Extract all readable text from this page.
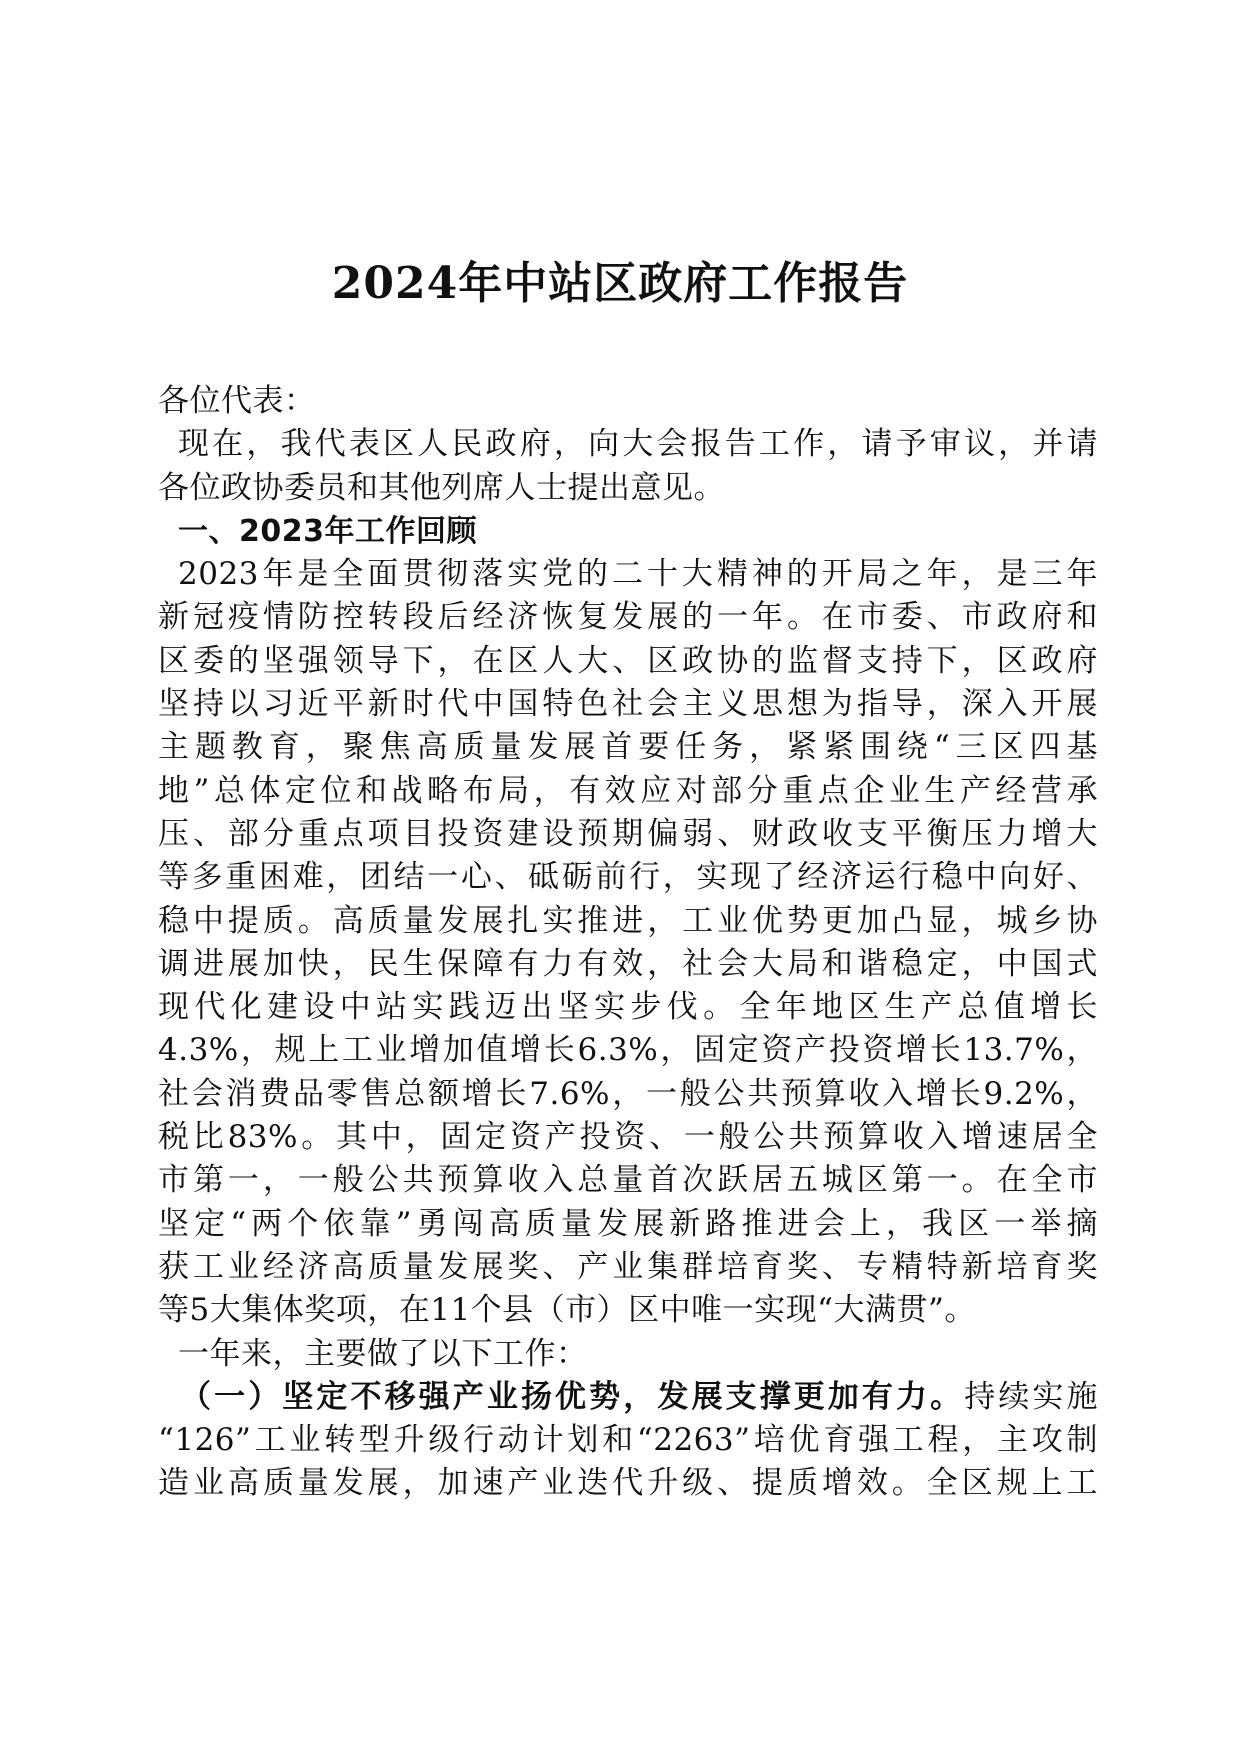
2024年中站区政府工作报告
各位代表：
现在，我代表区人民政府，向大会报告工作，请予审议，并请
各位政协委员和其他列席人士提出意见。
一、2023年工作回顾
2023年是全面贯彻落实党的二十大精神的开局之年，是三年
新冠疫情防控转段后经济恢复发展的一年。在市委、市政府和
区委的坚强领导下，在区人大、区政协的监督支持下，区政府
坚持以习近平新时代中国特色社会主义思想为指导，深入开展
主题教育，聚焦高质量发展首要任务，紧紧围绕“三区四基
地”总体定位和战略布局，有效应对部分重点企业生产经营承
压、部分重点项目投资建设预期偏弱、财政收支平衡压力增大
等多重困难，团结一心、砥砺前行，实现了经济运行稳中向好、
稳中提质。高质量发展扎实推进，工业优势更加凸显，城乡协
调进展加快，民生保障有力有效，社会大局和谐稳定，中国式
现代化建设中站实践迈出坚实步伐。全年地区生产总值增长
4.3%，规上工业增加值增长6.3%，固定资产投资增长13.7%，
社会消费品零售总额增长7.6%，一般公共预算收入增长9.2%，
税比83%。其中，固定资产投资、一般公共预算收入增速居全
市第一，一般公共预算收入总量首次跃居五城区第一。在全市
坚定“两个依靠”勇闯高质量发展新路推进会上，我区一举摘
获工业经济高质量发展奖、产业集群培育奖、专精特新培育奖
等5大集体奖项，在11个县（市）区中唯一实现“大满贯”。
一年来，主要做了以下工作：
（一）坚定不移强产业扬优势，发展支撑更加有力。持续实施
“126”工业转型升级行动计划和“2263”培优育强工程，主攻制
造业高质量发展，加速产业迭代升级、提质增效。全区规上工
